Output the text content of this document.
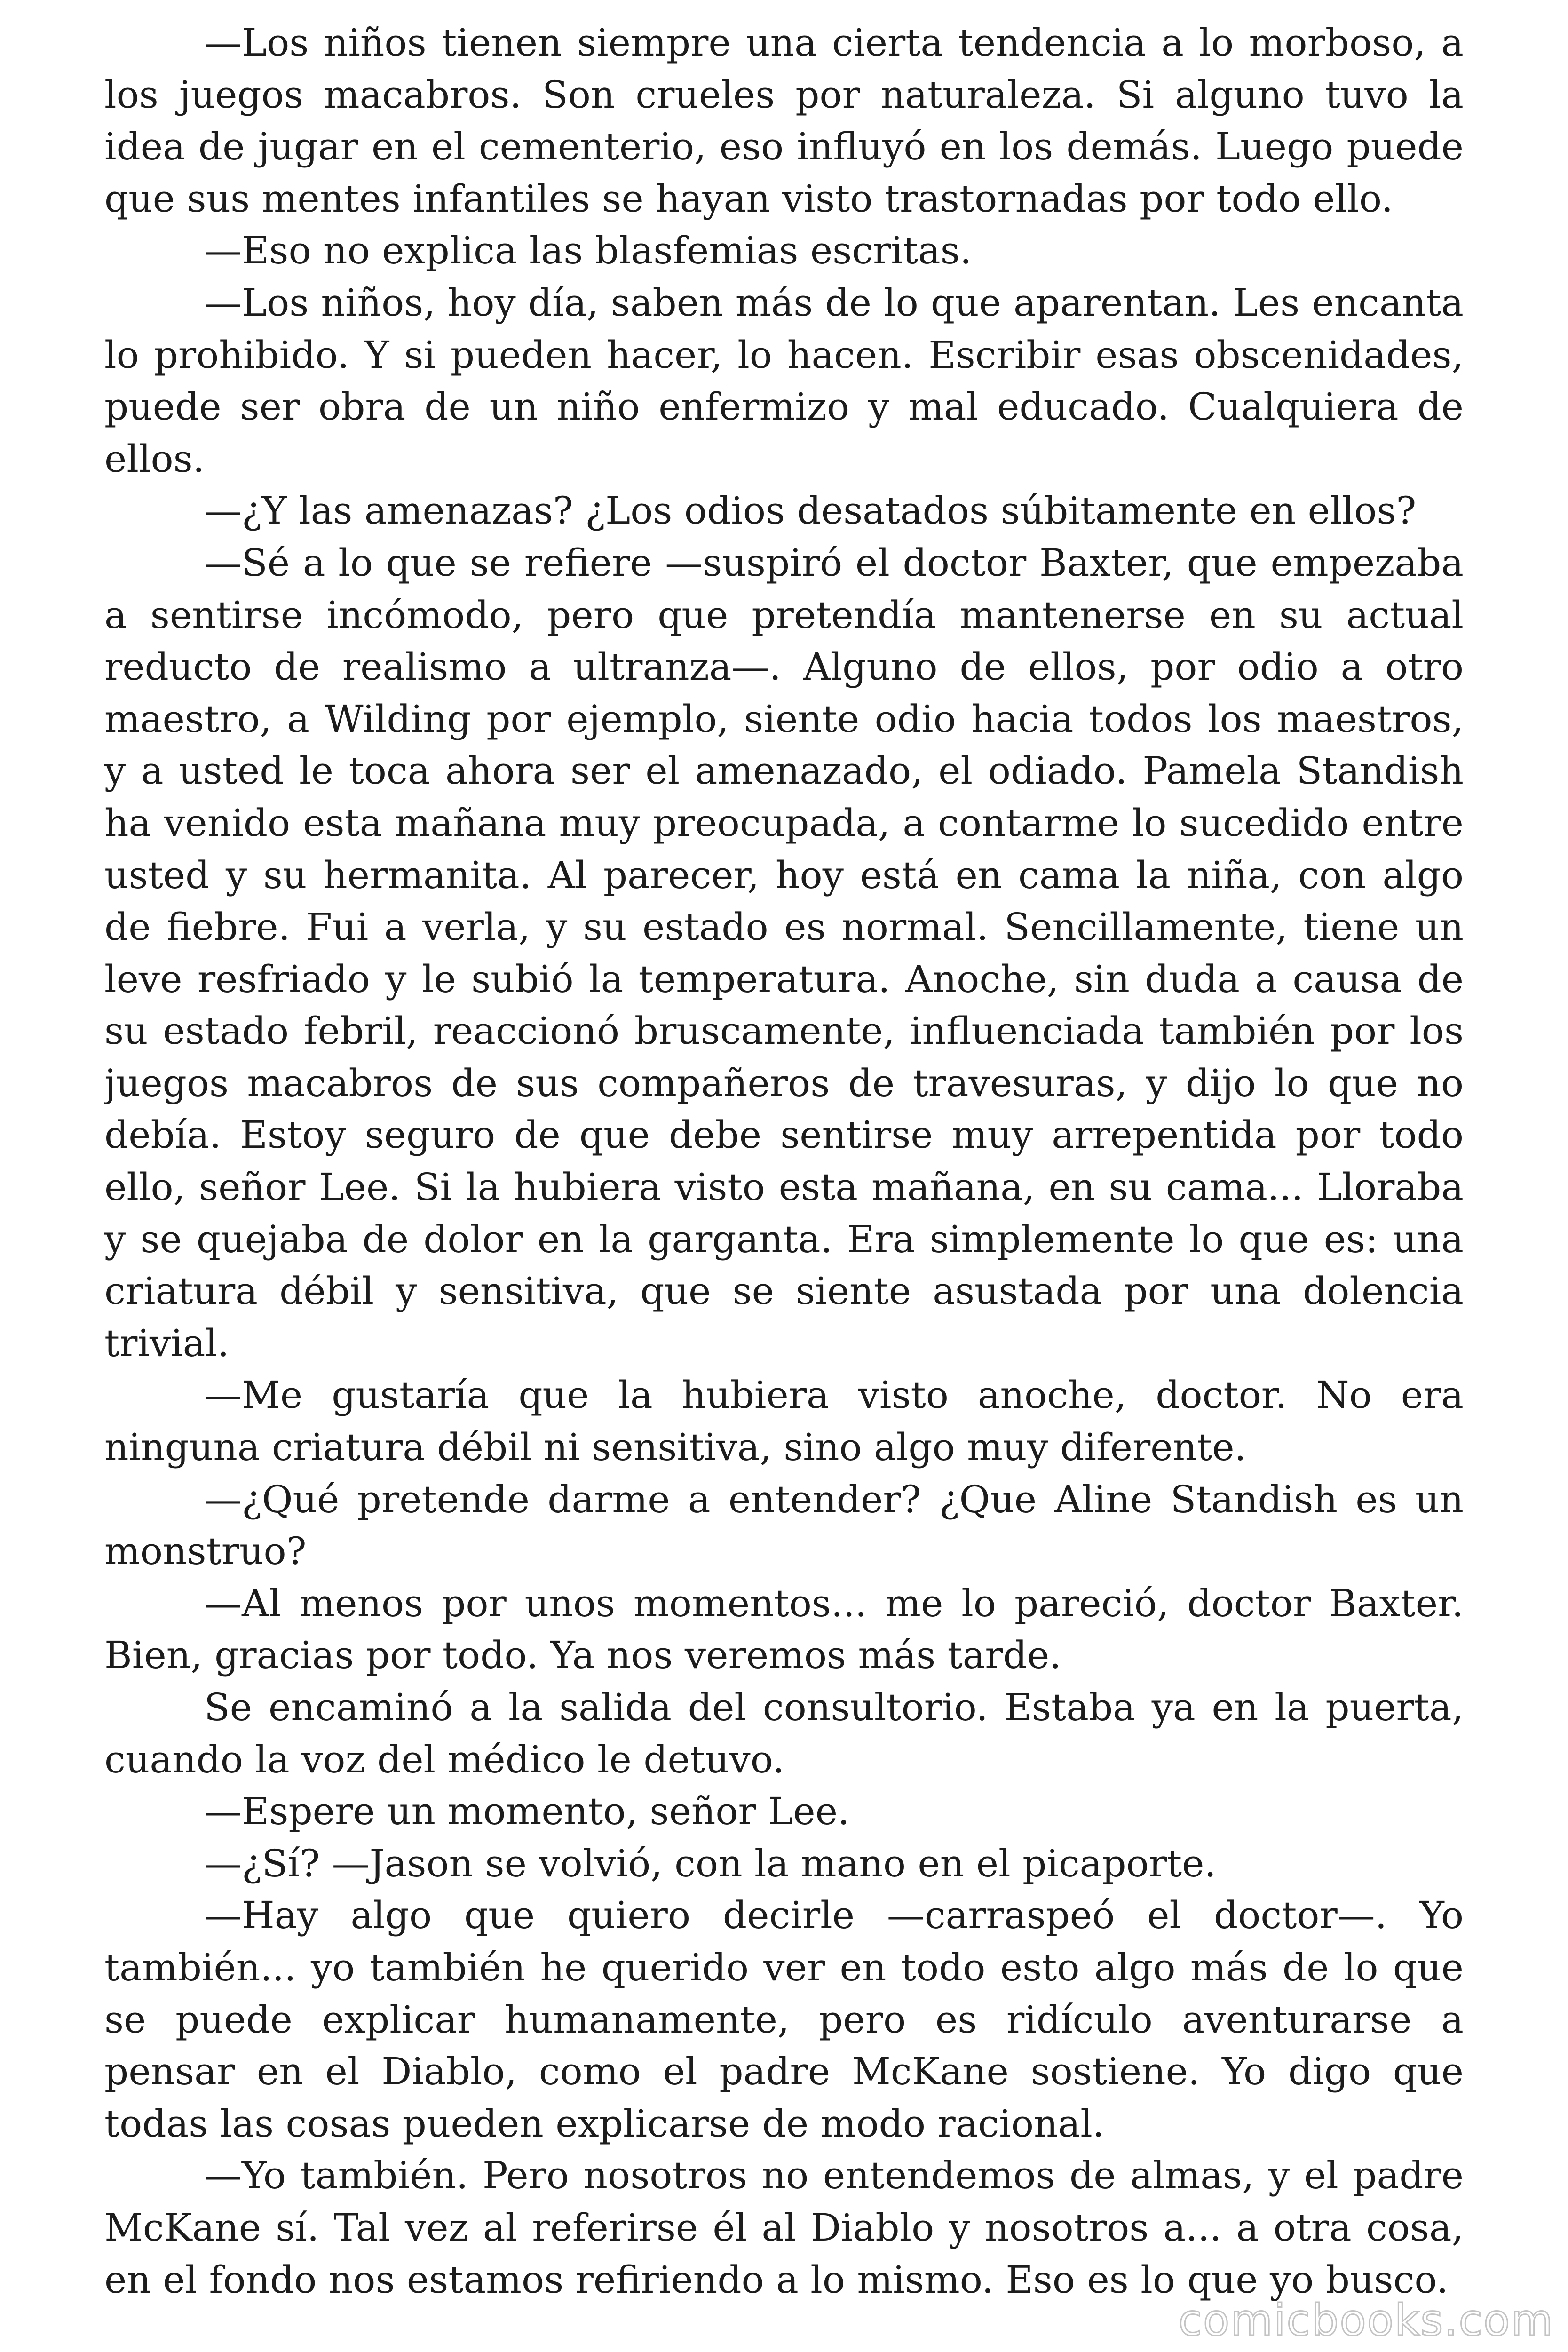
—Los niños tienen siempre una cierta tendencia a lo morboso, a los juegos macabros. Son crueles por naturaleza. Si alguno tuvo la idea de jugar en el cementerio, eso influyó en los demás. Luego puede que sus mentes infantiles se hayan visto trastornadas por todo ello.

—Eso no explica las blasfemias escritas.

—Los niños, hoy día, saben más de lo que aparentan. Les encanta lo prohibido. Y si pueden hacer, lo hacen. Escribir esas obscenidades, puede ser obra de un niño enfermizo y mal educado. Cualquiera de ellos.

—¿Y las amenazas? ¿Los odios desatados súbitamente en ellos?

—Sé a lo que se refiere —suspiró el doctor Baxter, que empezaba a sentirse incómodo, pero que pretendía mantenerse en su actual reducto de realismo a ultranza—. Alguno de ellos, por odio a otro maestro, a Wilding por ejemplo, siente odio hacia todos los maestros, y a usted le toca ahora ser el amenazado, el odiado. Pamela Standish ha venido esta mañana muy preocupada, a contarme lo sucedido entre usted y su hermanita. Al parecer, hoy está en cama la niña, con algo de fiebre. Fui a verla, y su estado es normal. Sencillamente, tiene un leve resfriado y le subió la temperatura. Anoche, sin duda a causa de su estado febril, reaccionó bruscamente, influenciada también por los juegos macabros de sus compañeros de travesuras, y dijo lo que no debía. Estoy seguro de que debe sentirse muy arrepentida por todo ello, señor Lee. Si la hubiera visto esta mañana, en su cama... Lloraba y se quejaba de dolor en la garganta. Era simplemente lo que es: una criatura débil y sensitiva, que se siente asustada por una dolencia trivial.

—Me gustaría que la hubiera visto anoche, doctor. No era ninguna criatura débil ni sensitiva, sino algo muy diferente.

—¿Qué pretende darme a entender? ¿Que Aline Standish es un monstruo?

—Al menos por unos momentos... me lo pareció, doctor Baxter. Bien, gracias por todo. Ya nos veremos más tarde.

Se encaminó a la salida del consultorio. Estaba ya en la puerta, cuando la voz del médico le detuvo.

—Espere un momento, señor Lee.

—¿Sí? —Jason se volvió, con la mano en el picaporte.

—Hay algo que quiero decirle —carraspeó el doctor—. Yo también... yo también he querido ver en todo esto algo más de lo que se puede explicar humanamente, pero es ridículo aventurarse a pensar en el Diablo, como el padre McKane sostiene. Yo digo que todas las cosas pueden explicarse de modo racional.

—Yo también. Pero nosotros no entendemos de almas, y el padre McKane sí. Tal vez al referirse él al Diablo y nosotros a... a otra cosa, en el fondo nos estamos refiriendo a lo mismo. Eso es lo que yo busco.

comicbooks.com
